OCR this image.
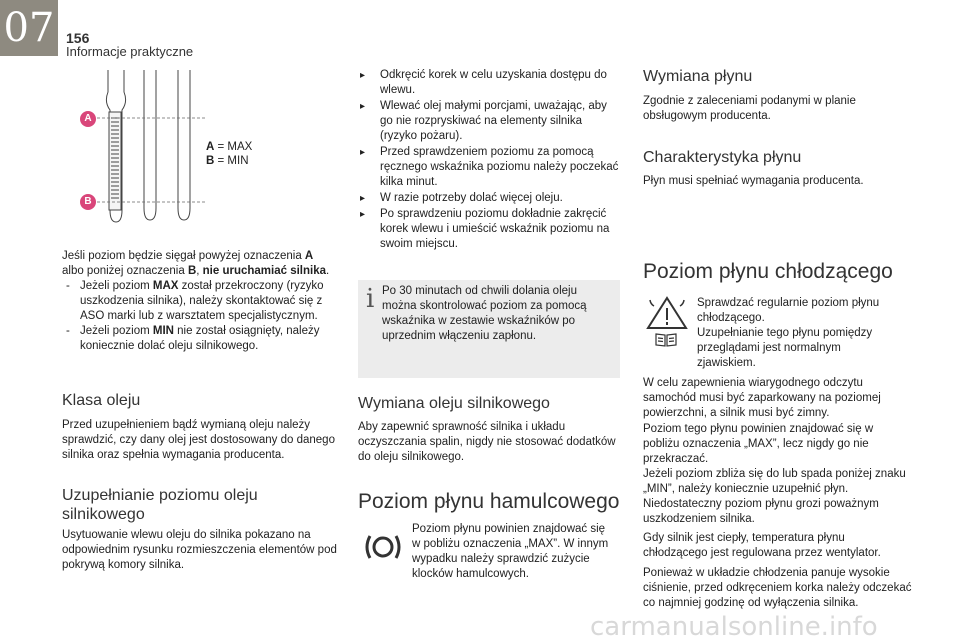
07 156
Informacje praktyczne
A
B
A = MAX
B = MIN
Jeśli poziom będzie sięgał powyżej oznaczenia A albo poniżej oznaczenia B, nie uruchamiać silnika.
- Jeżeli poziom MAX został przekroczony (ryzyko uszkodzenia silnika), należy skontaktować się z ASO marki lub z warsztatem specjalistycznym.
- Jeżeli poziom MIN nie został osiągnięty, należy koniecznie dolać oleju silnikowego.
Klasa oleju
Przed uzupełnieniem bądź wymianą oleju należy sprawdzić, czy dany olej jest dostosowany do danego silnika oraz spełnia wymagania producenta.
Uzupełnianie poziomu oleju silnikowego
Usytuowanie wlewu oleju do silnika pokazano na odpowiednim rysunku rozmieszczenia elementów pod pokrywą komory silnika.
▸ Odkręcić korek w celu uzyskania dostępu do wlewu.
▸ Wlewać olej małymi porcjami, uważając, aby go nie rozpryskiwać na elementy silnika (ryzyko pożaru).
▸ Przed sprawdzeniem poziomu za pomocą ręcznego wskaźnika poziomu należy poczekać kilka minut.
▸ W razie potrzeby dolać więcej oleju.
▸ Po sprawdzeniu poziomu dokładnie zakręcić korek wlewu i umieścić wskaźnik poziomu na swoim miejscu.
i Po 30 minutach od chwili dolania oleju można skontrolować poziom za pomocą wskaźnika w zestawie wskaźników po uprzednim włączeniu zapłonu.
Wymiana oleju silnikowego
Aby zapewnić sprawność silnika i układu oczyszczania spalin, nigdy nie stosować dodatków do oleju silnikowego.
Poziom płynu hamulcowego
Poziom płynu powinien znajdować się w pobliżu oznaczenia „MAX”. W innym wypadku należy sprawdzić zużycie klocków hamulcowych.
Wymiana płynu
Zgodnie z zaleceniami podanymi w planie obsługowym producenta.
Charakterystyka płynu
Płyn musi spełniać wymagania producenta.
Poziom płynu chłodzącego
Sprawdzać regularnie poziom płynu chłodzącego.
Uzupełnianie tego płynu pomiędzy przeglądami jest normalnym zjawiskiem.
W celu zapewnienia wiarygodnego odczytu samochód musi być zaparkowany na poziomej powierzchni, a silnik musi być zimny.
Poziom tego płynu powinien znajdować się w pobliżu oznaczenia „MAX”, lecz nigdy go nie przekraczać.
Jeżeli poziom zbliża się do lub spada poniżej znaku „MIN”, należy koniecznie uzupełnić płyn.
Niedostateczny poziom płynu grozi poważnym uszkodzeniem silnika.
Gdy silnik jest ciepły, temperatura płynu chłodzącego jest regulowana przez wentylator.
Ponieważ w układzie chłodzenia panuje wysokie ciśnienie, przed odkręceniem korka należy odczekać co najmniej godzinę od wyłączenia silnika.
carmanualsonline.info
